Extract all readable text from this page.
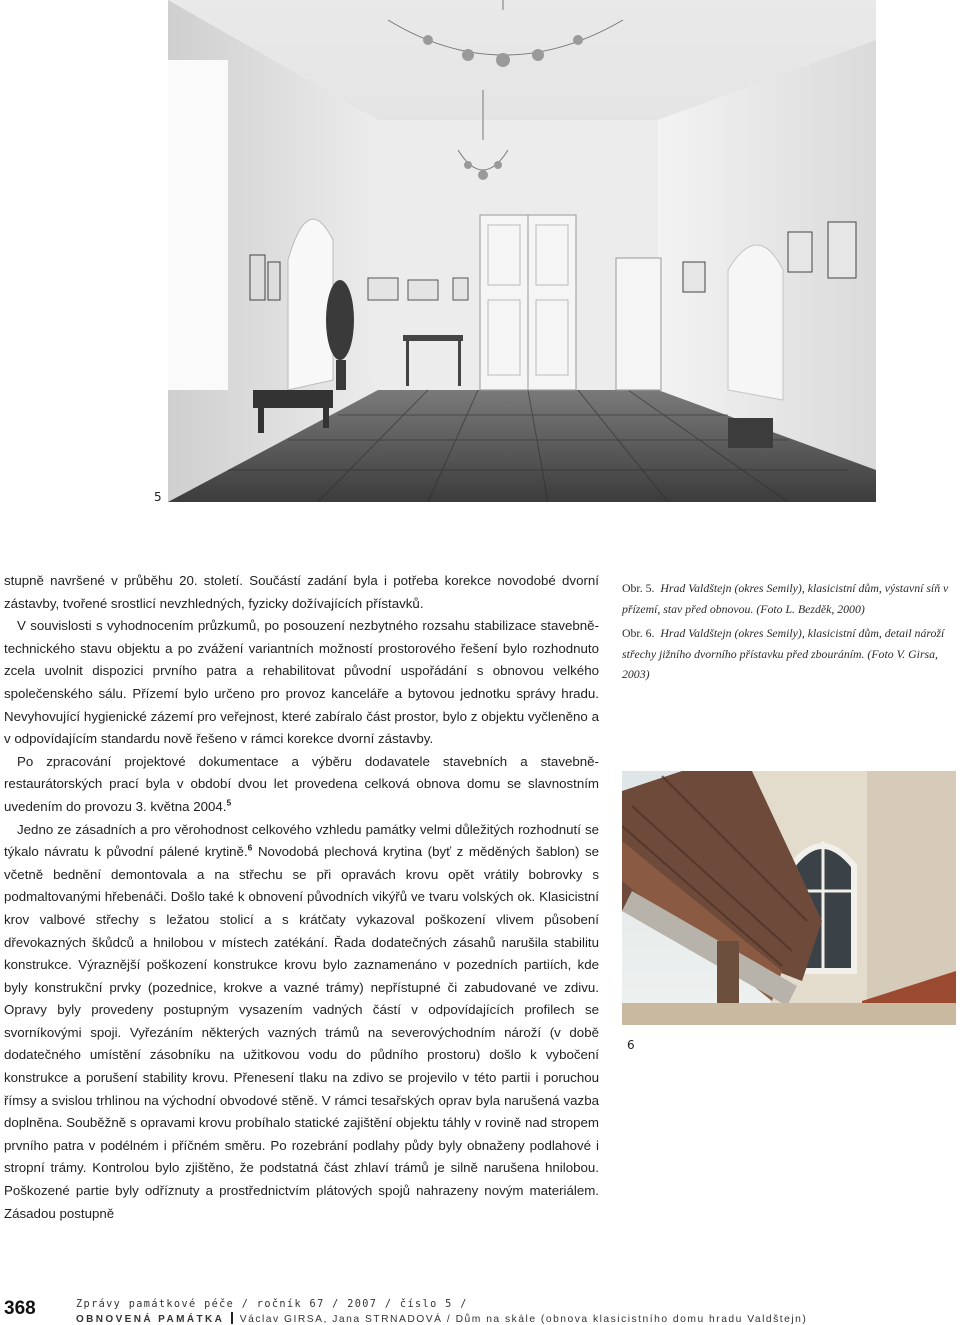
5
6

Obr. 5. Hrad Valdštejn (okres Semily), klasicistní dům, výstavní síň v přízemí, stav před obnovou. (Foto L. Bezděk, 2000)

Obr. 6. Hrad Valdštejn (okres Semily), klasicistní dům, detail nároží střechy jižního dvorního přístavku před zbouráním. (Foto V. Girsa, 2003)

stupně navršené v průběhu 20. století. Součástí zadání byla i potřeba korekce novodobé dvorní zástavby, tvořené srostlicí nevzhledných, fyzicky dožívajících přístavků.

V souvislosti s vyhodnocením průzkumů, po posouzení nezbytného rozsahu stabilizace stavebně-technického stavu objektu a po zvážení variantních možností prostorového řešení bylo rozhodnuto zcela uvolnit dispozici prvního patra a rehabilitovat původní uspořádání s obnovou velkého společenského sálu. Přízemí bylo určeno pro provoz kanceláře a bytovou jednotku správy hradu. Nevyhovující hygienické zázemí pro veřejnost, které zabíralo část prostor, bylo z objektu vyčleněno a v odpovídajícím standardu nově řešeno v rámci korekce dvorní zástavby.

Po zpracování projektové dokumentace a výběru dodavatele stavebních a stavebně-restaurátorských prací byla v období dvou let provedena celková obnova domu se slavnostním uvedením do provozu 3. května 2004.$^5$

Jedno ze zásadních a pro věrohodnost celkového vzhledu památky velmi důležitých rozhodnutí se týkalo návratu k původní pálené krytině.$^6$ Novodobá plechová krytina (byť z měděných šablon) se včetně bednění demontovala a na střechu se při opravách krovu opět vrátily bobrovky s podmaltovanými hřebenáči. Došlo také k obnovení původních vikýřů ve tvaru volských ok. Klasicistní krov valbové střechy s ležatou stolicí a s krátčaty vykazoval poškození vlivem působení dřevokazných škůdců a hnilobou v místech zatékání. Řada dodatečných zásahů narušila stabilitu konstrukce. Výraznější poškození konstrukce krovu bylo zaznamenáno v pozedních partiích, kde byly konstrukční prvky (pozednice, krokve a vazné trámy) nepřístupné či zabudované ve zdivu. Opravy byly provedeny postupným vysazením vadných částí v odpovídajících profilech se svorníkovými spoji. Vyřezáním některých vazných trámů na severovýchodním nároží (v době dodatečného umístění zásobníku na užitkovou vodu do půdního prostoru) došlo k vybočení konstrukce a porušení stability krovu. Přenesení tlaku na zdivo se projevilo v této partii i poruchou římsy a svislou trhlinou na východní obvodové stěně. V rámci tesařských oprav byla narušená vazba doplněna. Souběžně s opravami krovu probíhalo statické zajištění objektu táhly v rovině nad stropem prvního patra v podélném i příčném směru. Po rozebrání podlahy půdy byly obnaženy podlahové i stropní trámy. Kontrolou bylo zjištěno, že podstatná část zhlaví trámů je silně narušena hnilobou. Poškozené partie byly odříznuty a prostřednictvím plátových spojů nahrazeny novým materiálem. Zásadou postupně

368	Zprávy památkové péče / ročník 67 / 2007 / číslo 5 /
OBNOVENÁ PAMÁTKA Václav GIRSA, Jana STRNADOVÁ / Dům na skále (obnova klasicistního domu hradu Valdštejn)
